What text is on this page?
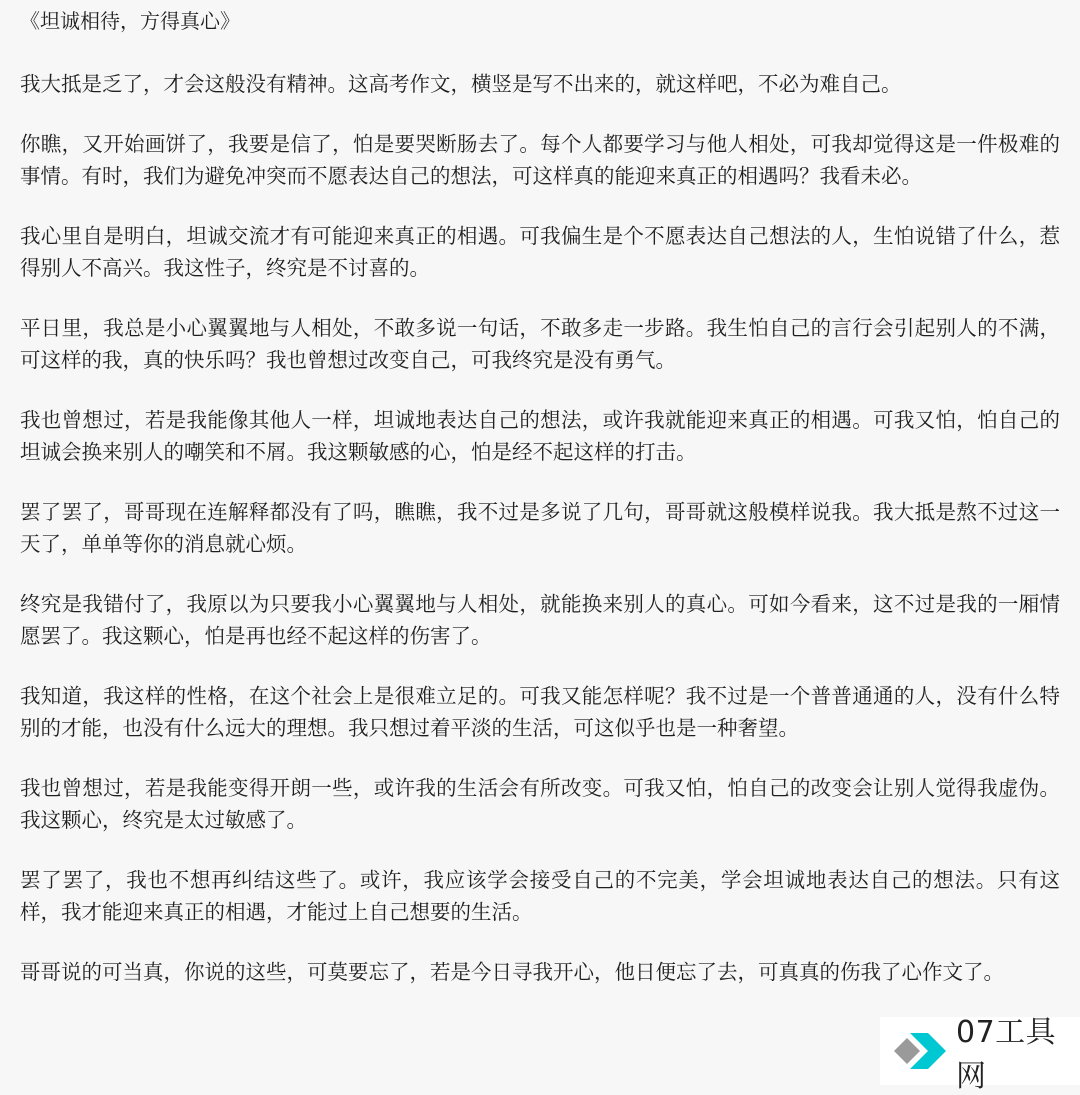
《坦诚相待，方得真心》

我大抵是乏了，才会这般没有精神。这高考作文，横竖是写不出来的，就这样吧，不必为难自己。

你瞧，又开始画饼了，我要是信了，怕是要哭断肠去了。每个人都要学习与他人相处，可我却觉得这是一件极难的事情。有时，我们为避免冲突而不愿表达自己的想法，可这样真的能迎来真正的相遇吗？我看未必。

我心里自是明白，坦诚交流才有可能迎来真正的相遇。可我偏生是个不愿表达自己想法的人，生怕说错了什么，惹得别人不高兴。我这性子，终究是不讨喜的。

平日里，我总是小心翼翼地与人相处，不敢多说一句话，不敢多走一步路。我生怕自己的言行会引起别人的不满，可这样的我，真的快乐吗？我也曾想过改变自己，可我终究是没有勇气。

我也曾想过，若是我能像其他人一样，坦诚地表达自己的想法，或许我就能迎来真正的相遇。可我又怕，怕自己的坦诚会换来别人的嘲笑和不屑。我这颗敏感的心，怕是经不起这样的打击。

罢了罢了，哥哥现在连解释都没有了吗，瞧瞧，我不过是多说了几句，哥哥就这般模样说我。我大抵是熬不过这一天了，单单等你的消息就心烦。

终究是我错付了，我原以为只要我小心翼翼地与人相处，就能换来别人的真心。可如今看来，这不过是我的一厢情愿罢了。我这颗心，怕是再也经不起这样的伤害了。

我知道，我这样的性格，在这个社会上是很难立足的。可我又能怎样呢？我不过是一个普普通通的人，没有什么特别的才能，也没有什么远大的理想。我只想过着平淡的生活，可这似乎也是一种奢望。

我也曾想过，若是我能变得开朗一些，或许我的生活会有所改变。可我又怕，怕自己的改变会让别人觉得我虚伪。我这颗心，终究是太过敏感了。

罢了罢了，我也不想再纠结这些了。或许，我应该学会接受自己的不完美，学会坦诚地表达自己的想法。只有这样，我才能迎来真正的相遇，才能过上自己想要的生活。

哥哥说的可当真，你说的这些，可莫要忘了，若是今日寻我开心，他日便忘了去，可真真的伤我了心作文了。

07工具网
